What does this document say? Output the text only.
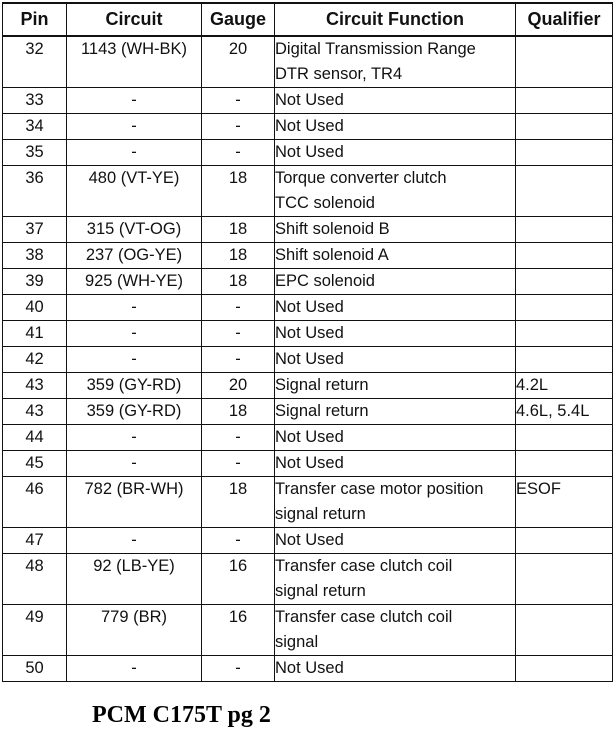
Pin	Circuit	Gauge	Circuit Function	Qualifier
32	1143 (WH-BK)	20	Digital Transmission Range
DTR sensor, TR4	

33	-	-	Not Used	

34	-	-	Not Used	

35	-	-	Not Used	

36	480 (VT-YE)	18	Torque converter clutch
TCC solenoid	

37	315 (VT-OG)	18	Shift solenoid B	

38	237 (OG-YE)	18	Shift solenoid A	

39	925 (WH-YE)	18	EPC solenoid	

40	-	-	Not Used	

41	-	-	Not Used	

42	-	-	Not Used	

43	359 (GY-RD)	20	Signal return	4.2L
43	359 (GY-RD)	18	Signal return	4.6L, 5.4L
44	-	-	Not Used	

45	-	-	Not Used	

46	782 (BR-WH)	18	Transfer case motor position
signal return	ESOF
47	-	-	Not Used	

48	92 (LB-YE)	16	Transfer case clutch coil
signal return	

49	779 (BR)	16	Transfer case clutch coil
signal	

50	-	-	Not Used	

PCM C175T pg 2
